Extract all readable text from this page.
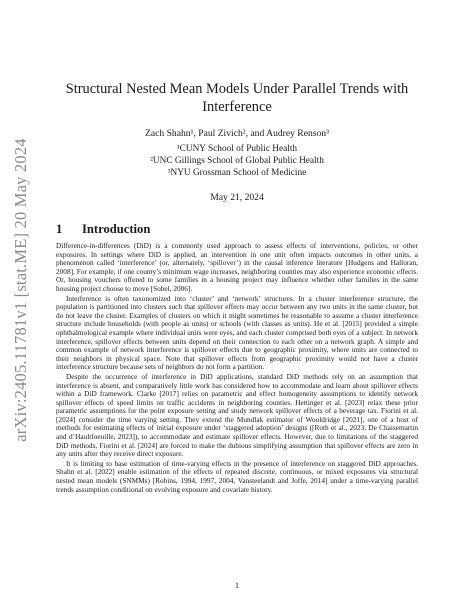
arXiv:2405.11781v1 [stat.ME] 20 May 2024
Structural Nested Mean Models Under Parallel Trends with Interference
Zach Shahn¹, Paul Zivich², and Audrey Renson³
¹CUNY School of Public Health
²UNC Gillings School of Global Public Health
³NYU Grossman School of Medicine
May 21, 2024
1 Introduction

Difference-in-differences (DiD) is a commonly used approach to assess effects of interventions, policies, or other exposures. In settings where DiD is applied, an intervention in one unit often impacts outcomes in other units, a phenomenon called ‘interference’ (or, alternately, ‘spillover’) in the causal inference literature [Hudgens and Halloran, 2008]. For example, if one county’s minimum wage increases, neighboring counties may also experience economic effects. Or, housing vouchers offered to some families in a housing project may influence whether other families in the same housing project choose to move [Sobel, 2006].

Interference is often taxonomized into ‘cluster’ and ‘network’ structures. In a cluster interference structure, the population is partitioned into clusters such that spillover effects may occur between any two units in the same cluster, but do not leave the cluster. Examples of clusters on which it might sometimes be reasonable to assume a cluster interference structure include households (with people as units) or schools (with classes as units). He et al. [2015] provided a simple ophthalmological example where individual units were eyes, and each cluster comprised both eyes of a subject. In network interference, spillover effects between units depend on their connection to each other on a network graph. A simple and common example of network interference is spillover effects due to geographic proximity, where units are connected to their neighbors in physical space. Note that spillover effects from geographic proximity would not have a cluster interference structure because sets of neighbors do not form a partition.

Despite the occurrence of interference in DiD applications, standard DiD methods rely on an assumption that interference is absent, and comparatively little work has considered how to accommodate and learn about spillover effects within a DiD framework. Clarke [2017] relies on parametric and effect homogeneity assumptions to identify network spillover effects of speed limits on traffic accidents in neighboring counties. Hettinger et al. [2023] relax these prior parametric assumptions for the point exposure setting and study network spillover effects of a beverage tax. Fiorini et al. [2024] consider the time varying setting. They extend the Mundlak estimator of Wooldridge [2021], one of a host of methods for estimating effects of initial exposure under ‘staggered adoption’ designs ([Roth et al., 2023, De Chaisemartin and d’Haultfoeuille, 2023]), to accommodate and estimate spillover effects. However, due to limitations of the staggered DiD methods, Fiorini et al. [2024] are forced to make the dubious simplifying assumption that spillover effects are zero in any units after they receive direct exposure.

It is limiting to base estimation of time-varying effects in the presence of interference on staggered DiD approaches. Shahn et al. [2022] enable estimation of the effects of repeated discrete, continuous, or mixed exposures via structural nested mean models (SNMMs) [Robins, 1994, 1997, 2004, Vansteelandt and Joffe, 2014] under a time-varying parallel trends assumption conditional on evolving exposure and covariate history.

1
